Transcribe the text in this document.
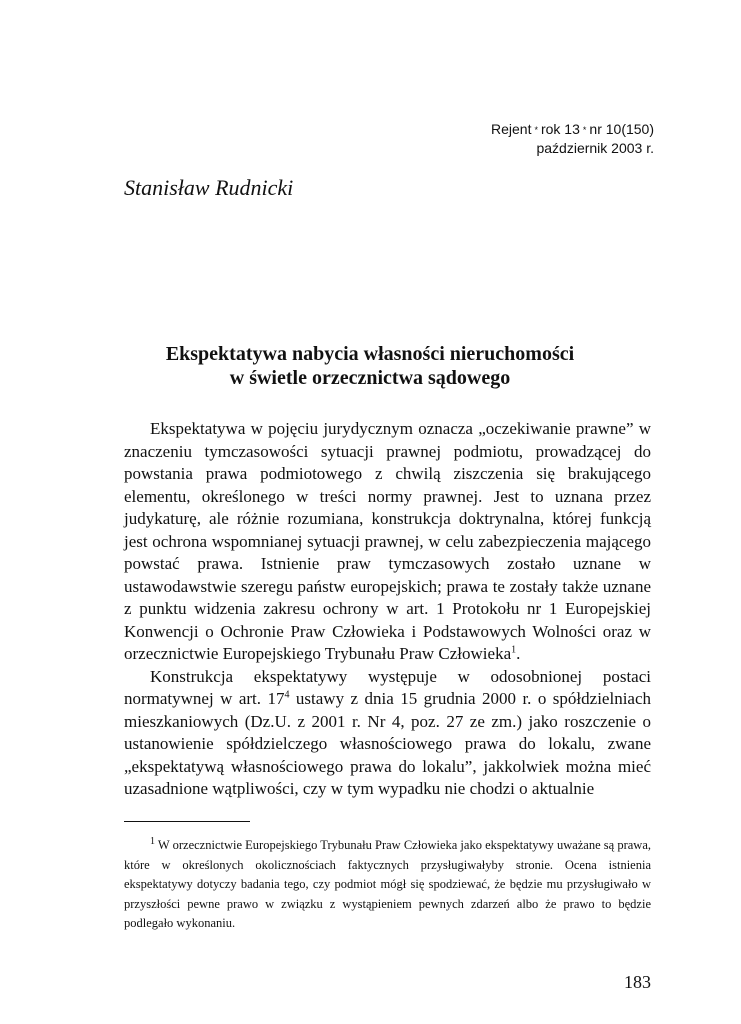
Rejent * rok 13 * nr 10(150)
październik 2003 r.
Stanisław Rudnicki
Ekspektatywa nabycia własności nieruchomości
w świetle orzecznictwa sądowego

Ekspektatywa w pojęciu jurydycznym oznacza „oczekiwanie prawne” w znaczeniu tymczasowości sytuacji prawnej podmiotu, prowadzącej do powstania prawa podmiotowego z chwilą ziszczenia się brakującego elementu, określonego w treści normy prawnej. Jest to uznana przez judykaturę, ale różnie rozumiana, konstrukcja doktrynalna, której funkcją jest ochrona wspomnianej sytuacji prawnej, w celu zabezpieczenia mającego powstać prawa. Istnienie praw tymczasowych zostało uznane w ustawodawstwie szeregu państw europejskich; prawa te zostały także uznane z punktu widzenia zakresu ochrony w art. 1 Protokołu nr 1 Europejskiej Konwencji o Ochronie Praw Człowieka i Podstawowych Wolności oraz w orzecznictwie Europejskiego Trybunału Praw Człowieka$^1$.

Konstrukcja ekspektatywy występuje w odosobnionej postaci normatywnej w art. $17^4$ ustawy z dnia 15 grudnia 2000 r. o spółdzielniach mieszkaniowych (Dz.U. z 2001 r. Nr 4, poz. 27 ze zm.) jako roszczenie o ustanowienie spółdzielczego własnościowego prawa do lokalu, zwane „ekspektatywą własnościowego prawa do lokalu”, jakkolwiek można mieć uzasadnione wątpliwości, czy w tym wypadku nie chodzi o aktualnie

$^1$ W orzecznictwie Europejskiego Trybunału Praw Człowieka jako ekspektatywy uważane są prawa, które w określonych okolicznościach faktycznych przysługiwałyby stronie. Ocena istnienia ekspektatywy dotyczy badania tego, czy podmiot mógł się spodziewać, że będzie mu przysługiwało w przyszłości pewne prawo w związku z wystąpieniem pewnych zdarzeń albo że prawo to będzie podlegało wykonaniu.

183
